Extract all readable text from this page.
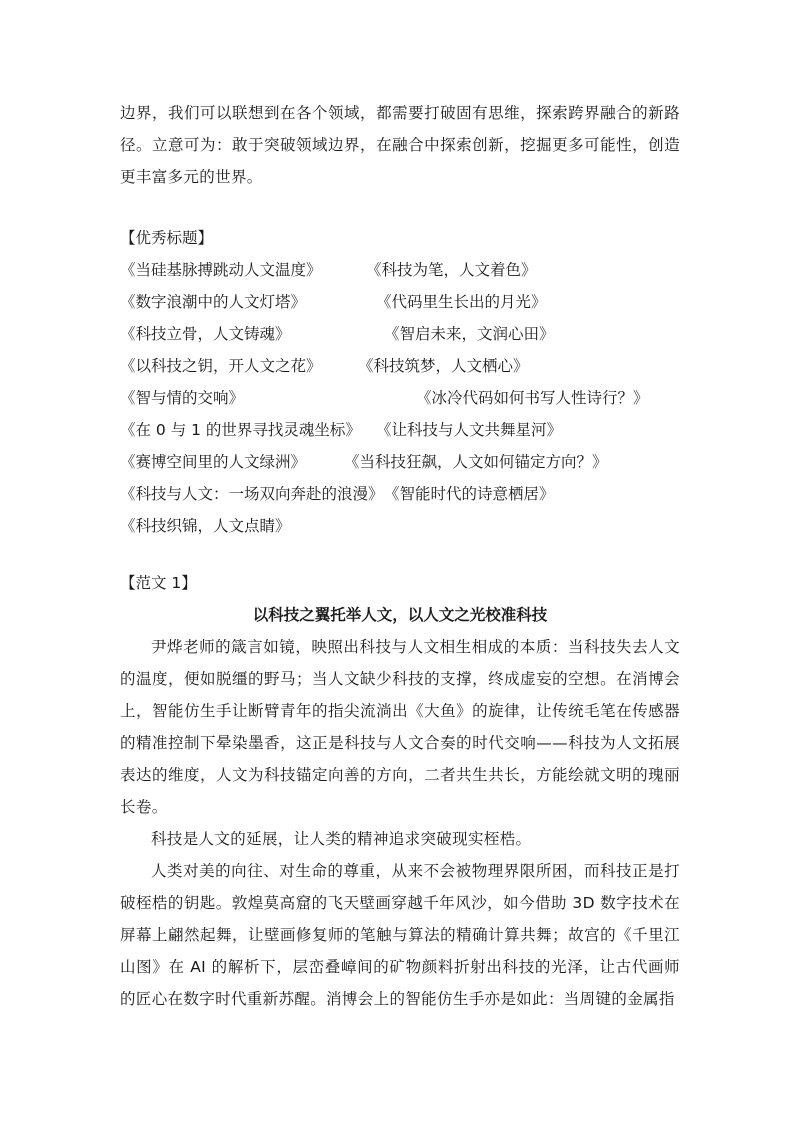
边界，我们可以联想到在各个领域，都需要打破固有思维，探索跨界融合的新路径。立意可为：敢于突破领域边界，在融合中探索创新，挖掘更多可能性，创造更丰富多元的世界。

【优秀标题】

《当硅基脉搏跳动人文温度》	《科技为笔，人文着色》
《数字浪潮中的人文灯塔》	《代码里生长出的月光》
《科技立骨，人文铸魂》	《智启未来，文润心田》
《以科技之钥，开人文之花》 《科技筑梦，人文栖心》
《智与情的交响》	《冰冷代码如何书写人性诗行？》
《在 0 与 1 的世界寻找灵魂坐标》 《让科技与人文共舞星河》
《赛博空间里的人文绿洲》 《当科技狂飙，人文如何锚定方向？》
《科技与人文：一场双向奔赴的浪漫》 《智能时代的诗意栖居》
《科技织锦，人文点睛》

【范文 1】

以科技之翼托举人文，以人文之光校准科技

尹烨老师的箴言如镜，映照出科技与人文相生相成的本质：当科技失去人文的温度，便如脱缰的野马；当人文缺少科技的支撑，终成虚妄的空想。在消博会上，智能仿生手让断臂青年的指尖流淌出《大鱼》的旋律，让传统毛笔在传感器的精准控制下晕染墨香，这正是科技与人文合奏的时代交响——科技为人文拓展表达的维度，人文为科技锚定向善的方向，二者共生共长，方能绘就文明的瑰丽长卷。

科技是人文的延展，让人类的精神追求突破现实桎梏。

人类对美的向往、对生命的尊重，从来不会被物理界限所困，而科技正是打破桎梏的钥匙。敦煌莫高窟的飞天壁画穿越千年风沙，如今借助 3D 数字技术在屏幕上翩然起舞，让壁画修复师的笔触与算法的精确计算共舞；故宫的《千里江山图》在 AI 的解析下，层峦叠嶂间的矿物颜料折射出科技的光泽，让古代画师的匠心在数字时代重新苏醒。消博会上的智能仿生手亦是如此：当周键的金属指
